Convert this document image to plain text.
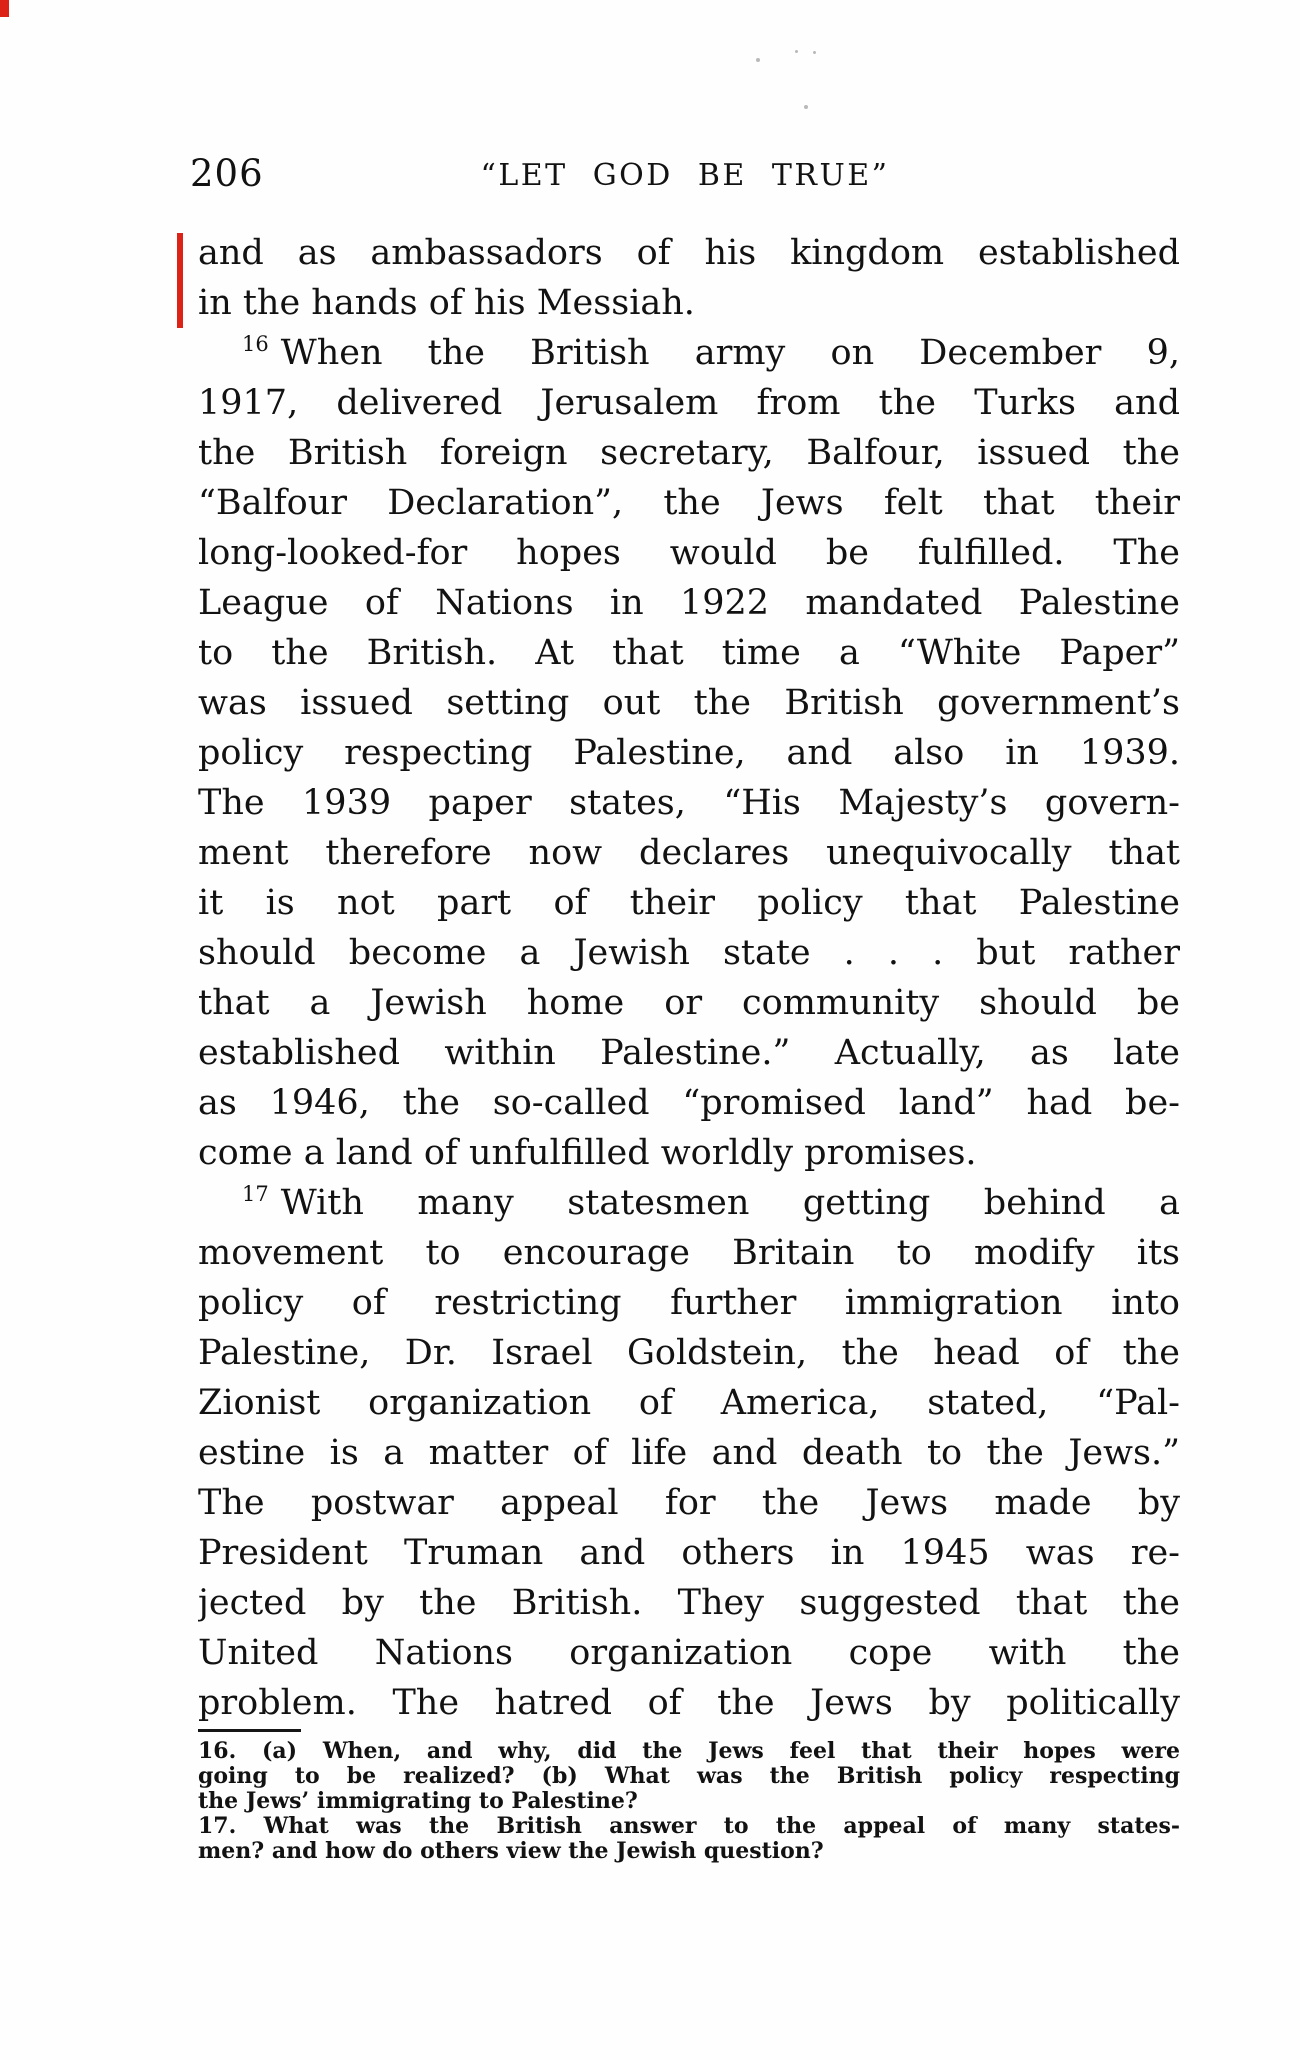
206	“LET GOD BE TRUE”
and as ambassadors of his kingdom established
in the hands of his Messiah.
$^{16}$ When the British army on December 9,
1917, delivered Jerusalem from the Turks and
the British foreign secretary, Balfour, issued the
“Balfour Declaration”, the Jews felt that their
long-looked-for hopes would be fulfilled. The
League of Nations in 1922 mandated Palestine
to the British. At that time a “White Paper”
was issued setting out the British government’s
policy respecting Palestine, and also in 1939.
The 1939 paper states, “His Majesty’s govern-
ment therefore now declares unequivocally that
it is not part of their policy that Palestine
should become a Jewish state . . . but rather
that a Jewish home or community should be
established within Palestine.” Actually, as late
as 1946, the so-called “promised land” had be-
come a land of unfulfilled worldly promises.
$^{17}$ With many statesmen getting behind a
movement to encourage Britain to modify its
policy of restricting further immigration into
Palestine, Dr. Israel Goldstein, the head of the
Zionist organization of America, stated, “Pal-
estine is a matter of life and death to the Jews.”
The postwar appeal for the Jews made by
President Truman and others in 1945 was re-
jected by the British. They suggested that the
United Nations organization cope with the
problem. The hatred of the Jews by politically
16. (a) When, and why, did the Jews feel that their hopes were
going to be realized? (b) What was the British policy respecting
the Jews’ immigrating to Palestine?
17. What was the British answer to the appeal of many states-
men? and how do others view the Jewish question?
